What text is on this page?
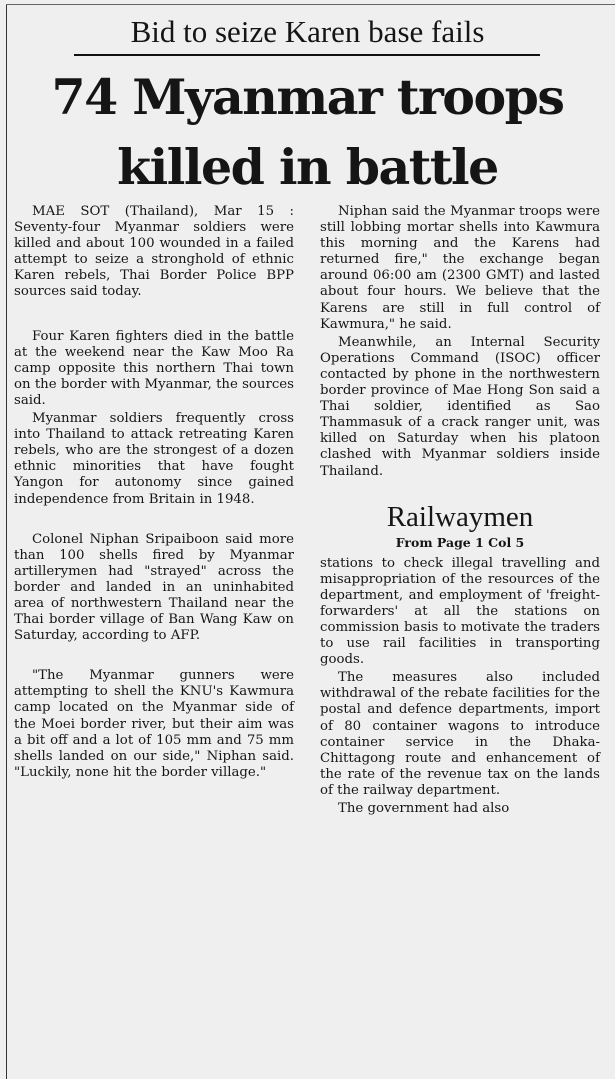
Bid to seize Karen base fails
74 Myanmar troops
killed in battle

MAE SOT (Thailand), Mar 15 : Seventy-four Myanmar soldiers were killed and about 100 wounded in a failed attempt to seize a stronghold of ethnic Karen rebels, Thai Border Police BPP sources said today.

Four Karen fighters died in the battle at the weekend near the Kaw Moo Ra camp opposite this northern Thai town on the border with Myanmar, the sources said.

Myanmar soldiers frequently cross into Thailand to attack retreating Karen rebels, who are the strongest of a dozen ethnic minorities that have fought Yangon for autonomy since gained independence from Britain in 1948.

Colonel Niphan Sripaiboon said more than 100 shells fired by Myanmar artillerymen had "strayed" across the border and landed in an uninhabited area of northwestern Thailand near the Thai border village of Ban Wang Kaw on Saturday, according to AFP.

"The Myanmar gunners were attempting to shell the KNU's Kawmura camp located on the Myanmar side of the Moei border river, but their aim was a bit off and a lot of 105 mm and 75 mm shells landed on our side," Niphan said. "Luckily, none hit the border village."

Niphan said the Myanmar troops were still lobbing mortar shells into Kawmura this morning and the Karens had returned fire," the exchange began around 06:00 am (2300 GMT) and lasted about four hours. We believe that the Karens are still in full control of Kawmura," he said.

Meanwhile, an Internal Security Operations Command (ISOC) officer contacted by phone in the northwestern border province of Mae Hong Son said a Thai soldier, identified as Sao Thammasuk of a crack ranger unit, was killed on Saturday when his platoon clashed with Myanmar soldiers inside Thailand.

Railwaymen
From Page 1 Col 5

stations to check illegal travelling and misappropriation of the resources of the department, and employment of 'freight-forwarders' at all the stations on commission basis to motivate the traders to use rail facilities in transporting goods.

The measures also included withdrawal of the rebate facilities for the postal and defence departments, import of 80 container wagons to introduce container service in the Dhaka-Chittagong route and enhancement of the rate of the revenue tax on the lands of the railway department.

The government had also
